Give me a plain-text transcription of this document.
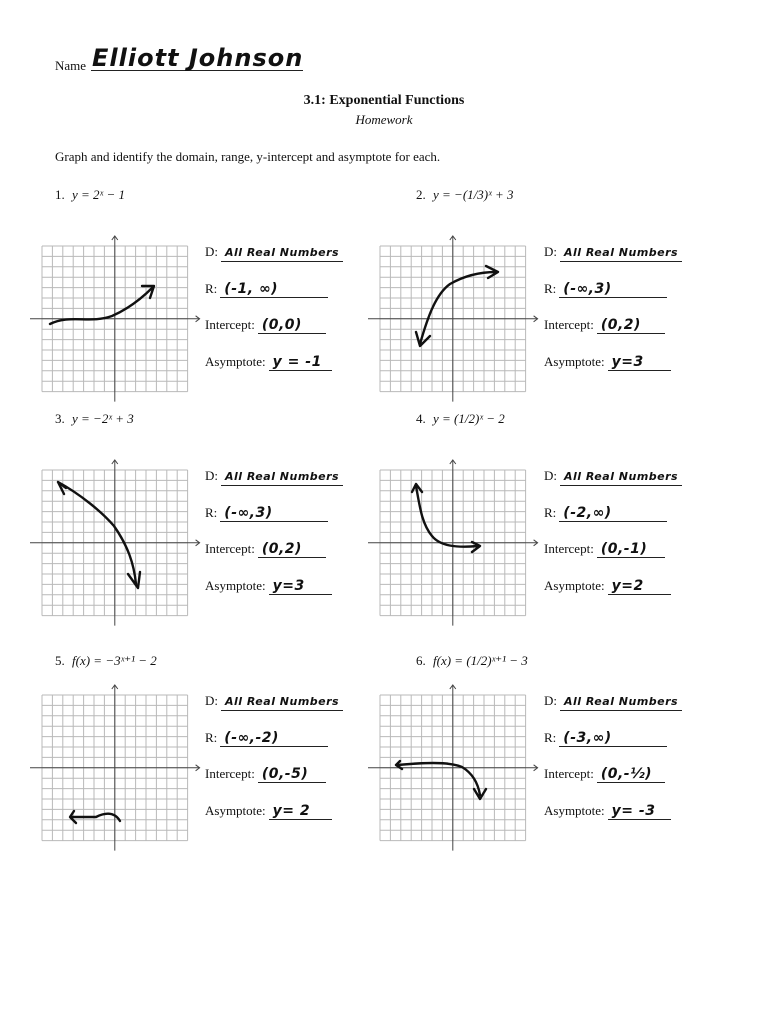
Name Elliott Johnson
3.1: Exponential Functions
Homework
Graph and identify the domain, range, y-intercept and asymptote for each.
1. y = 2ˣ − 1	2. y = −(1/3)ˣ + 3
3. y = −2ˣ + 3	4. y = (1/2)ˣ − 2
5. f(x) = −3ˣ⁺¹ − 2	6. f(x) = (1/2)ˣ⁺¹ − 3
D: All Real Numbers
R: (-1, ∞)
Intercept: (0,0)
Asymptote: y = -1
D: All Real Numbers
R: (-∞,3)
Intercept: (0,2)
Asymptote: y=3
D: All Real Numbers
R: (-∞,3)
Intercept: (0,2)
Asymptote: y=3
D: All Real Numbers
R: (-2,∞)
Intercept: (0,-1)
Asymptote: y=2
D: All Real Numbers
R: (-∞,-2)
Intercept: (0,-5)
Asymptote: y= 2
D: All Real Numbers
R: (-3,∞)
Intercept: (0,-½)
Asymptote: y= -3
